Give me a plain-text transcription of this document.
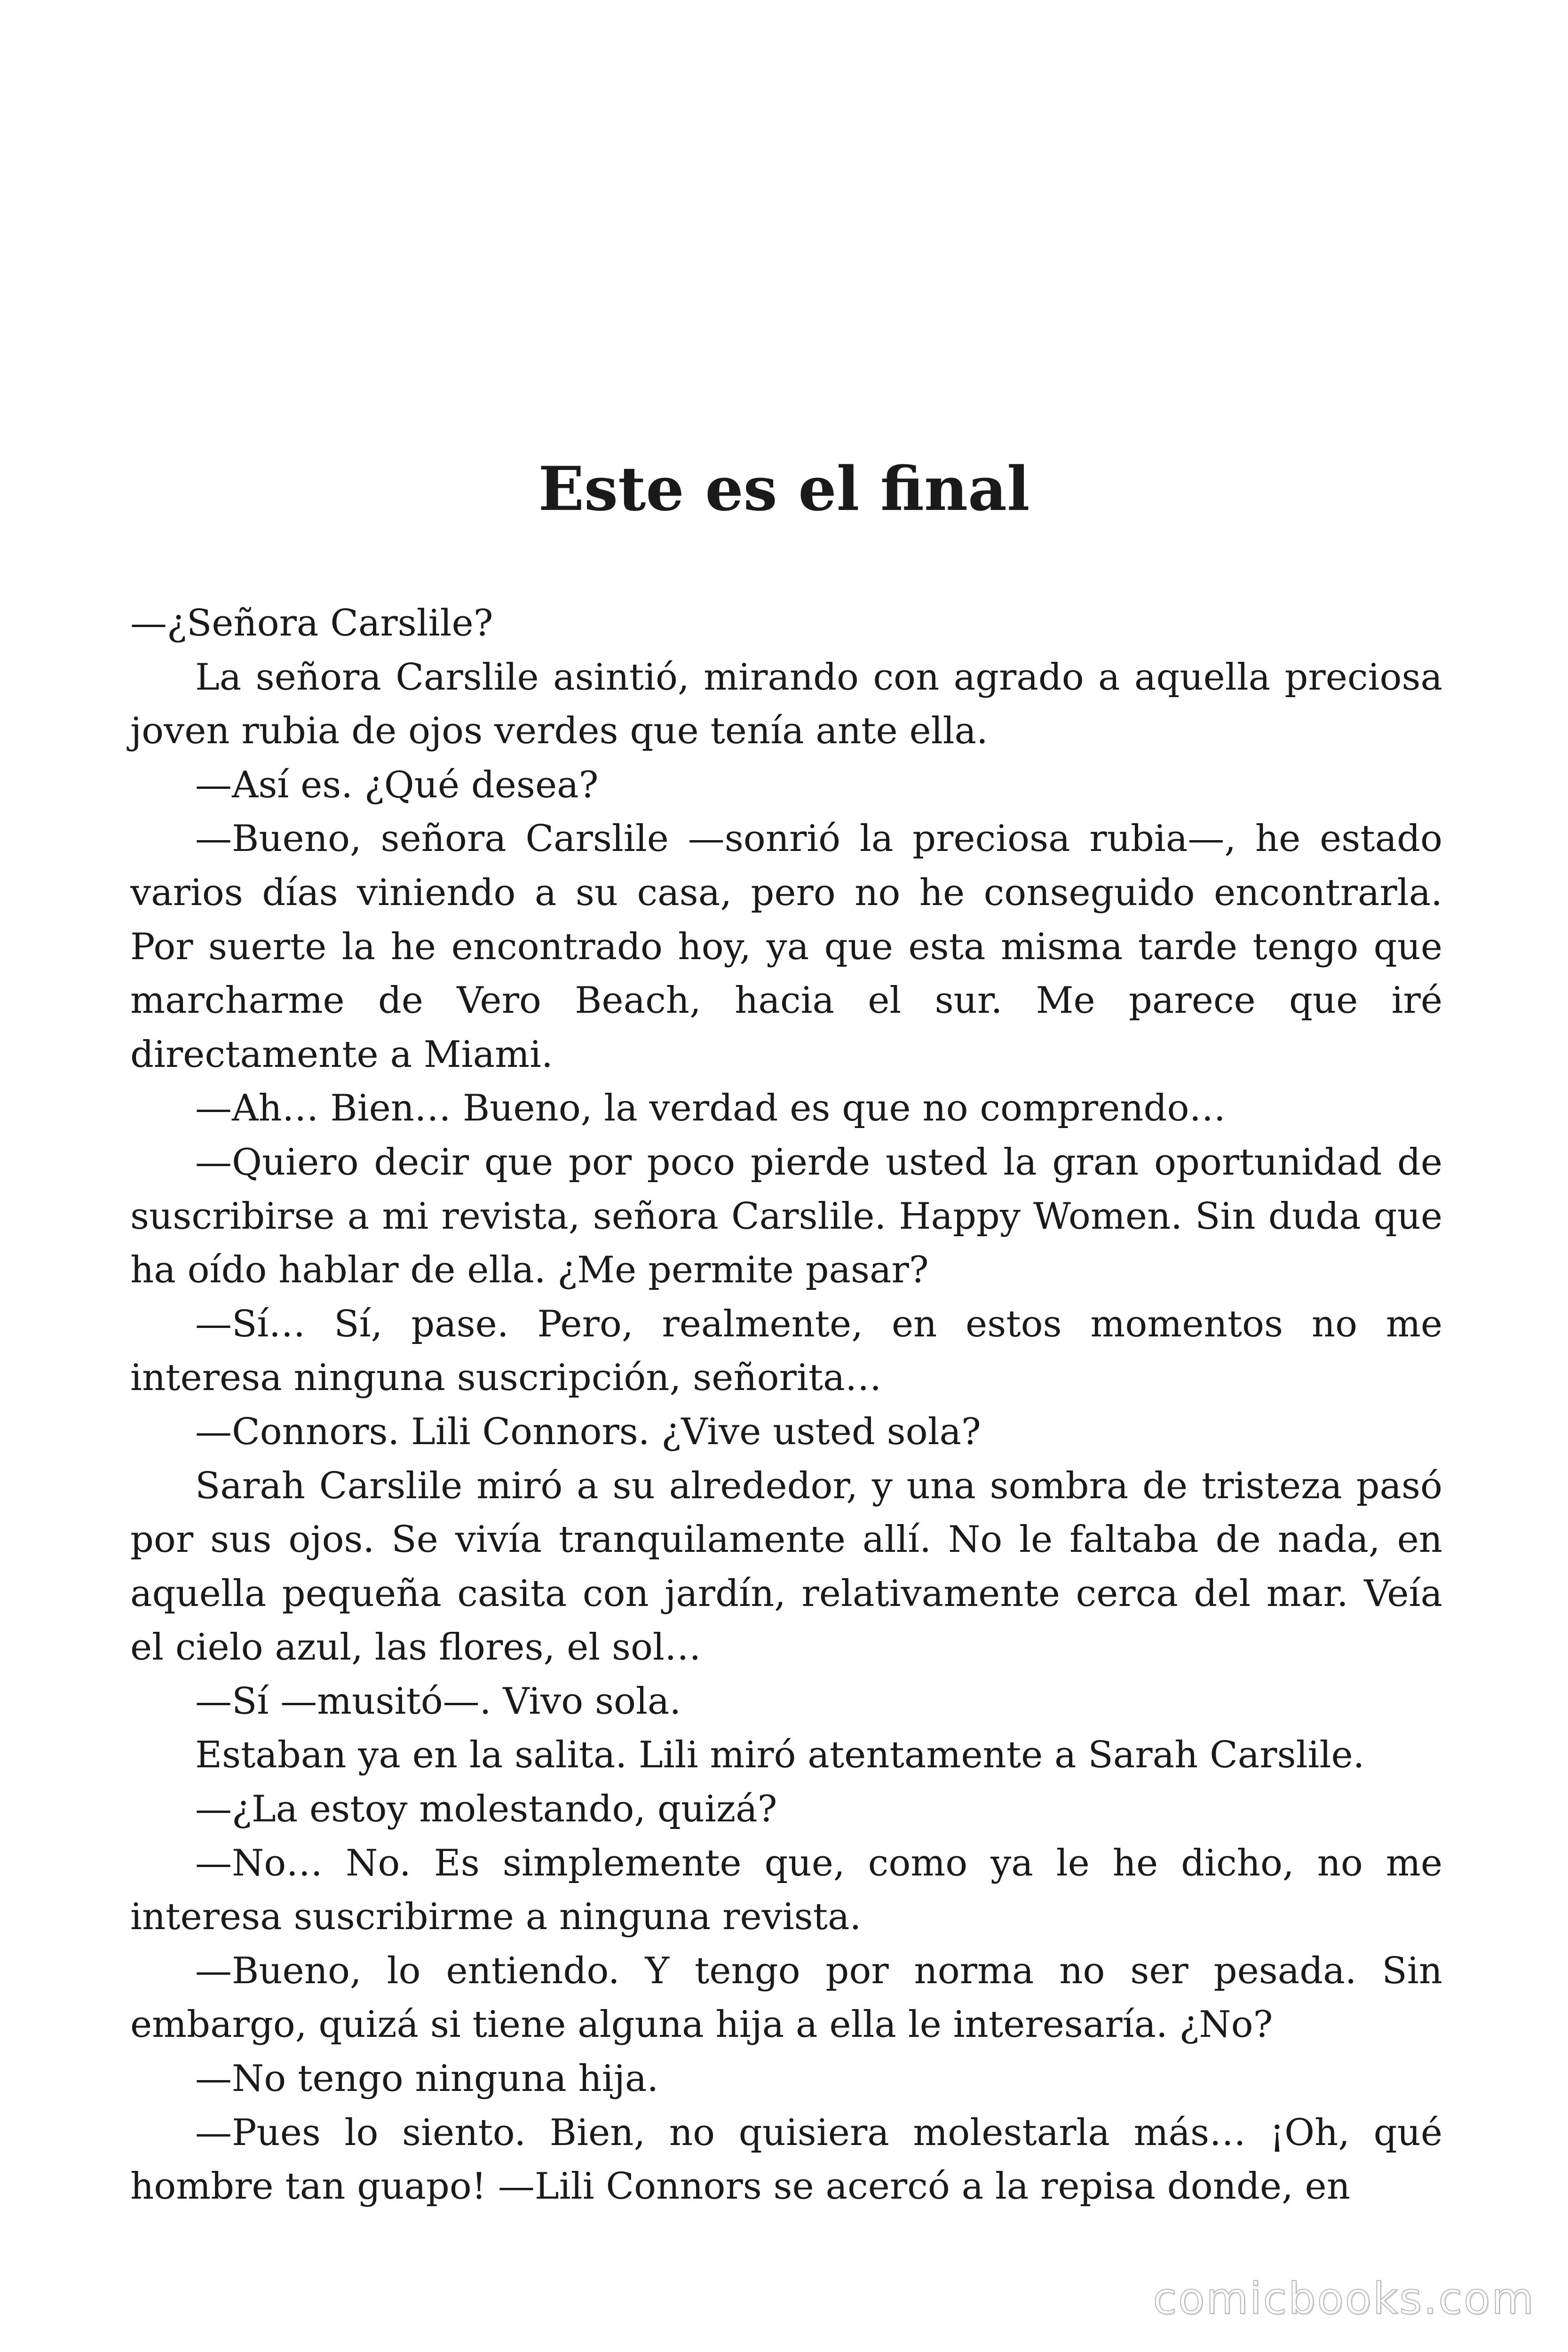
Este es el final

—¿Señora Carslile?

La señora Carslile asintió, mirando con agrado a aquella preciosa joven rubia de ojos verdes que tenía ante ella.

—Así es. ¿Qué desea?

—Bueno, señora Carslile —sonrió la preciosa rubia—, he estado varios días viniendo a su casa, pero no he conseguido encontrarla. Por suerte la he encontrado hoy, ya que esta misma tarde tengo que marcharme de Vero Beach, hacia el sur. Me parece que iré directamente a Miami.

—Ah… Bien… Bueno, la verdad es que no comprendo…

—Quiero decir que por poco pierde usted la gran oportunidad de suscribirse a mi revista, señora Carslile. Happy Women. Sin duda que ha oído hablar de ella. ¿Me permite pasar?

—Sí… Sí, pase. Pero, realmente, en estos momentos no me interesa ninguna suscripción, señorita…

—Connors. Lili Connors. ¿Vive usted sola?

Sarah Carslile miró a su alrededor, y una sombra de tristeza pasó por sus ojos. Se vivía tranquilamente allí. No le faltaba de nada, en aquella pequeña casita con jardín, relativamente cerca del mar. Veía el cielo azul, las flores, el sol…

—Sí —musitó—. Vivo sola.

Estaban ya en la salita. Lili miró atentamente a Sarah Carslile.

—¿La estoy molestando, quizá?

—No… No. Es simplemente que, como ya le he dicho, no me interesa suscribirme a ninguna revista.

—Bueno, lo entiendo. Y tengo por norma no ser pesada. Sin embargo, quizá si tiene alguna hija a ella le interesaría. ¿No?

—No tengo ninguna hija.

—Pues lo siento. Bien, no quisiera molestarla más… ¡Oh, qué hombre tan guapo! —Lili Connors se acercó a la repisa donde, en

comicbooks.com
